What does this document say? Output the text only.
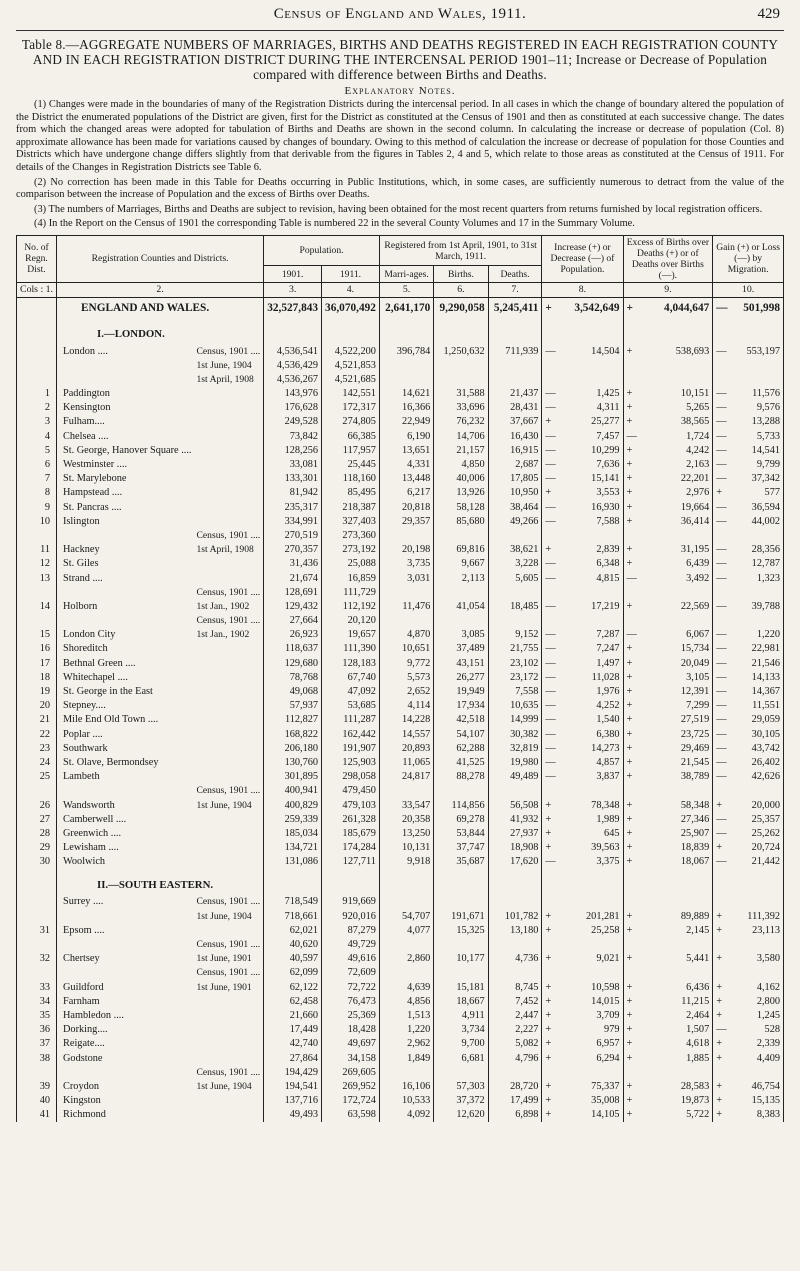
Census of England and Wales, 1911.	429
Table 8.—AGGREGATE NUMBERS OF MARRIAGES, BIRTHS AND DEATHS REGISTERED IN EACH REGISTRATION COUNTY AND IN EACH REGISTRATION DISTRICT DURING THE INTERCENSAL PERIOD 1901–11; Increase or Decrease of Population compared with difference between Births and Deaths.
Explanatory Notes.

(1) Changes were made in the boundaries of many of the Registration Districts during the intercensal period. In all cases in which the change of boundary altered the population of the District the enumerated populations of the District are given, first for the District as constituted at the Census of 1901 and then as constituted at each successive change. The dates from which the changed areas were adopted for tabulation of Births and Deaths are shown in the second column. In calculating the increase or decrease of population (Col. 8) approximate allowance has been made for variations caused by changes of boundary. Owing to this method of calculation the increase or decrease of population for those Counties and Districts which have undergone change differs slightly from that derivable from the figures in Tables 2, 4 and 5, which relate to those areas as constituted at the Census of 1911. For details of the Changes in Registration Districts see Table 6.

(2) No correction has been made in this Table for Deaths occurring in Public Institutions, which, in some cases, are sufficiently numerous to detract from the value of the comparison between the increase of Population and the excess of Births over Deaths.

(3) The numbers of Marriages, Births and Deaths are subject to revision, having been obtained for the most recent quarters from returns furnished by local registration officers.

(4) In the Report on the Census of 1901 the corresponding Table is numbered 22 in the several County Volumes and 17 in the Summary Volume.

No. of Regn. Dist.	Registration Counties and Districts.		Population.		Registered from 1st April, 1901, to 31st March, 1911.			Increase (+) or Decrease (—) of Population.		Excess of Births over Deaths (+) or of Deaths over Births (—).		Gain (+) or Loss (—) by Migration.	
			1901.	1911.	Marri-ages.	Births.	Deaths.						
Cols : 1.	2.		3.	4.	5.	6.	7.	8.		9.		10.	
	ENGLAND AND WALES.		32,527,843	36,070,492	2,641,170	9,290,058	5,245,411	+	3,542,649	+	4,044,647	—	501,998

	I.—LONDON.												
	London ....	Census, 1901 ....	4,536,541	4,522,200	396,784	1,250,632	711,939	—	14,504	+	538,693	—	553,197
		1st June, 1904	4,536,429	4,521,853									
		1st April, 1908	4,536,267	4,521,685									
1	Paddington		143,976	142,551	14,621	31,588	21,437	—	1,425	+	10,151	—	11,576
2	Kensington		176,628	172,317	16,366	33,696	28,431	—	4,311	+	5,265	—	9,576
3	Fulham....		249,528	274,805	22,949	76,232	37,667	+	25,277	+	38,565	—	13,288
4	Chelsea ....		73,842	66,385	6,190	14,706	16,430	—	7,457	—	1,724	—	5,733
5	St. George, Hanover Square ....		128,256	117,957	13,651	21,157	16,915	—	10,299	+	4,242	—	14,541
6	Westminster ....		33,081	25,445	4,331	4,850	2,687	—	7,636	+	2,163	—	9,799
7	St. Marylebone		133,301	118,160	13,448	40,006	17,805	—	15,141	+	22,201	—	37,342
8	Hampstead ....		81,942	85,495	6,217	13,926	10,950	+	3,553	+	2,976	+	577
9	St. Pancras ....		235,317	218,387	20,818	58,128	38,464	—	16,930	+	19,664	—	36,594
10	Islington		334,991	327,403	29,357	85,680	49,266	—	7,588	+	36,414	—	44,002
		Census, 1901 ....	270,519	273,360									
11	Hackney	1st April, 1908	270,357	273,192	20,198	69,816	38,621	+	2,839	+	31,195	—	28,356
12	St. Giles		31,436	25,088	3,735	9,667	3,228	—	6,348	+	6,439	—	12,787
13	Strand ....		21,674	16,859	3,031	2,113	5,605	—	4,815	—	3,492	—	1,323
		Census, 1901 ....	128,691	111,729									
14	Holborn	1st Jan., 1902	129,432	112,192	11,476	41,054	18,485	—	17,219	+	22,569	—	39,788
		Census, 1901 ....	27,664	20,120									
15	London City	1st Jan., 1902	26,923	19,657	4,870	3,085	9,152	—	7,287	—	6,067	—	1,220
16	Shoreditch		118,637	111,390	10,651	37,489	21,755	—	7,247	+	15,734	—	22,981
17	Bethnal Green ....		129,680	128,183	9,772	43,151	23,102	—	1,497	+	20,049	—	21,546
18	Whitechapel ....		78,768	67,740	5,573	26,277	23,172	—	11,028	+	3,105	—	14,133
19	St. George in the East		49,068	47,092	2,652	19,949	7,558	—	1,976	+	12,391	—	14,367
20	Stepney....		57,937	53,685	4,114	17,934	10,635	—	4,252	+	7,299	—	11,551
21	Mile End Old Town ....		112,827	111,287	14,228	42,518	14,999	—	1,540	+	27,519	—	29,059
22	Poplar ....		168,822	162,442	14,557	54,107	30,382	—	6,380	+	23,725	—	30,105
23	Southwark		206,180	191,907	20,893	62,288	32,819	—	14,273	+	29,469	—	43,742
24	St. Olave, Bermondsey		130,760	125,903	11,065	41,525	19,980	—	4,857	+	21,545	—	26,402
25	Lambeth		301,895	298,058	24,817	88,278	49,489	—	3,837	+	38,789	—	42,626
		Census, 1901 ....	400,941	479,450									
26	Wandsworth	1st June, 1904	400,829	479,103	33,547	114,856	56,508	+	78,348	+	58,348	+	20,000
27	Camberwell ....		259,339	261,328	20,358	69,278	41,932	+	1,989	+	27,346	—	25,357
28	Greenwich ....		185,034	185,679	13,250	53,844	27,937	+	645	+	25,907	—	25,262
29	Lewisham ....		134,721	174,284	10,131	37,747	18,908	+	39,563	+	18,839	+	20,724
30	Woolwich		131,086	127,711	9,918	35,687	17,620	—	3,375	+	18,067	—	21,442

	II.—SOUTH EASTERN.												
	Surrey ....	Census, 1901 ....	718,549	919,669									
		1st June, 1904	718,661	920,016	54,707	191,671	101,782	+	201,281	+	89,889	+	111,392
31	Epsom ....		62,021	87,279	4,077	15,325	13,180	+	25,258	+	2,145	+	23,113
		Census, 1901 ....	40,620	49,729									
32	Chertsey	1st June, 1901	40,597	49,616	2,860	10,177	4,736	+	9,021	+	5,441	+	3,580
		Census, 1901 ....	62,099	72,609									
33	Guildford	1st June, 1901	62,122	72,722	4,639	15,181	8,745	+	10,598	+	6,436	+	4,162
34	Farnham		62,458	76,473	4,856	18,667	7,452	+	14,015	+	11,215	+	2,800
35	Hambledon ....		21,660	25,369	1,513	4,911	2,447	+	3,709	+	2,464	+	1,245
36	Dorking....		17,449	18,428	1,220	3,734	2,227	+	979	+	1,507	—	528
37	Reigate....		42,740	49,697	2,962	9,700	5,082	+	6,957	+	4,618	+	2,339
38	Godstone		27,864	34,158	1,849	6,681	4,796	+	6,294	+	1,885	+	4,409
		Census, 1901 ....	194,429	269,605									
39	Croydon	1st June, 1904	194,541	269,952	16,106	57,303	28,720	+	75,337	+	28,583	+	46,754
40	Kingston		137,716	172,724	10,533	37,372	17,499	+	35,008	+	19,873	+	15,135
41	Richmond		49,493	63,598	4,092	12,620	6,898	+	14,105	+	5,722	+	8,383
